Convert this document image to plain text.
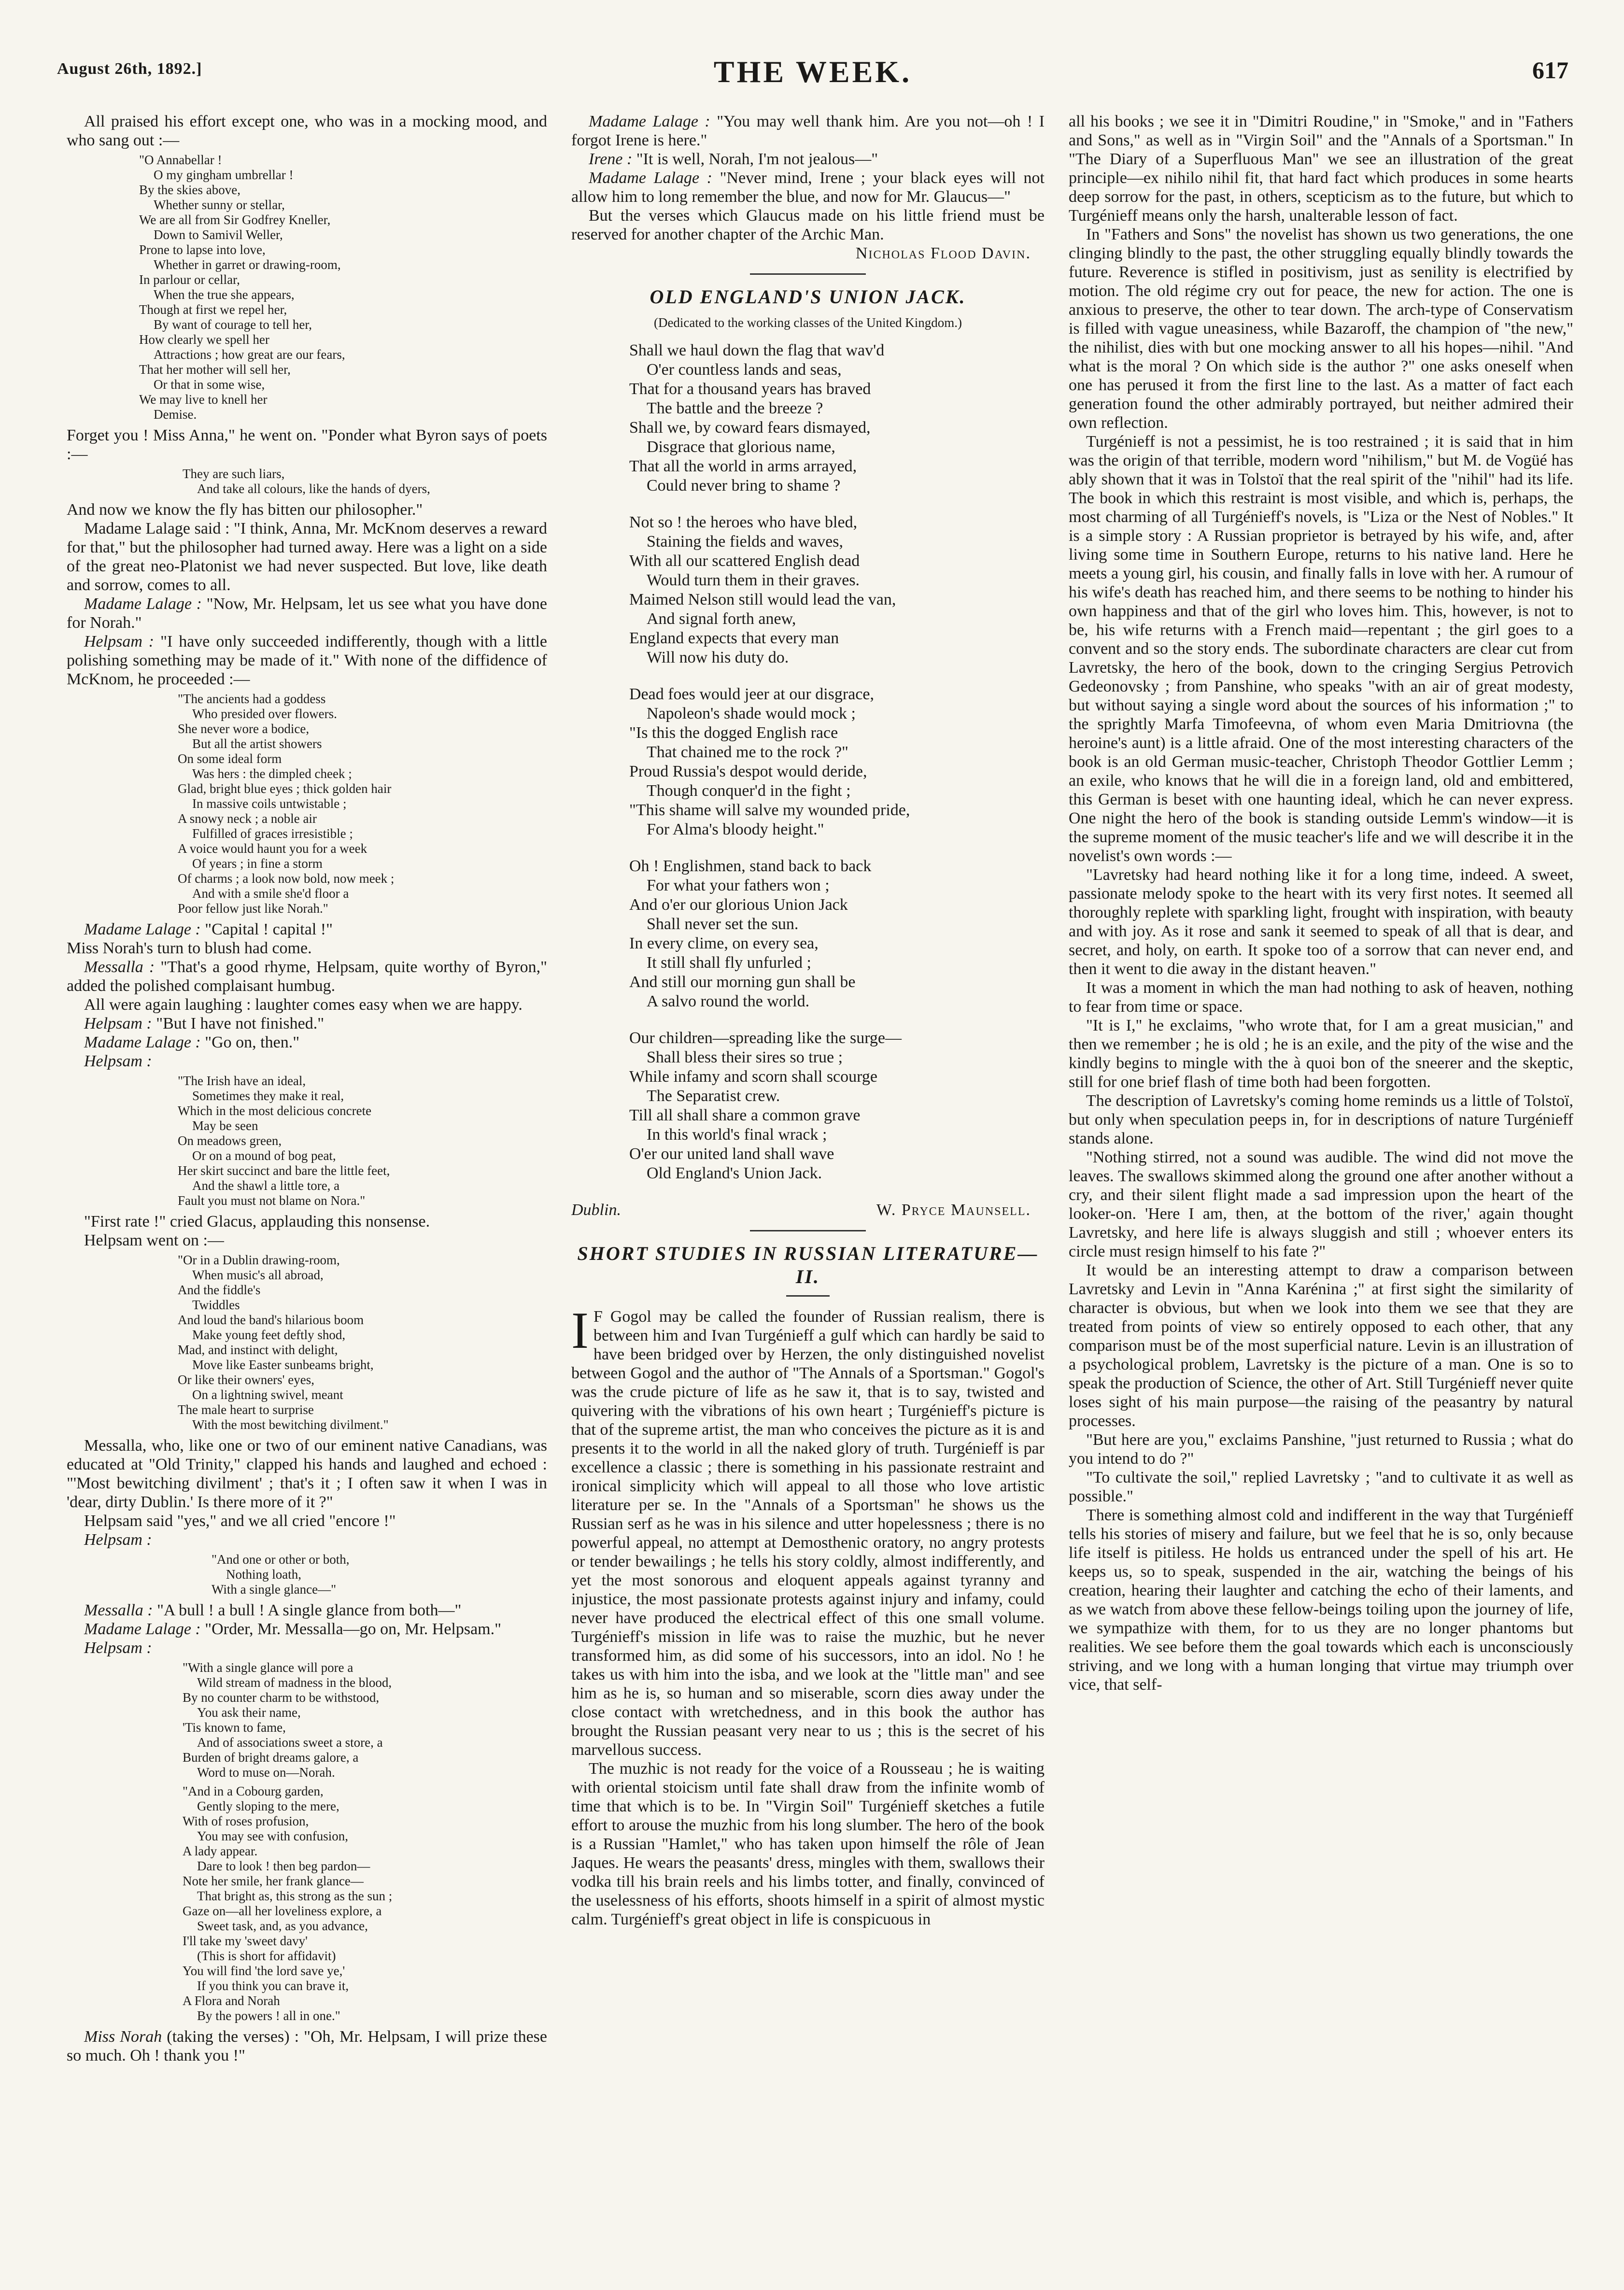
August 26th, 1892.]	THE WEEK.	617

All praised his effort except one, who was in a mocking mood, and who sang out :—

"O Annabellar !
O my gingham umbrellar !
By the skies above,
Whether sunny or stellar,
We are all from Sir Godfrey Kneller,
Down to Samivil Weller,
Prone to lapse into love,
Whether in garret or drawing-room,
In parlour or cellar,
When the true she appears,
Though at first we repel her,
By want of courage to tell her,
How clearly we spell her
Attractions ; how great are our fears,
That her mother will sell her,
Or that in some wise,
We may live to knell her
Demise.

Forget you ! Miss Anna," he went on. "Ponder what Byron says of poets :—

They are such liars,
And take all colours, like the hands of dyers,

And now we know the fly has bitten our philosopher."

Madame Lalage said : "I think, Anna, Mr. McKnom deserves a reward for that," but the philosopher had turned away. Here was a light on a side of the great neo-Platonist we had never suspected. But love, like death and sorrow, comes to all.

Madame Lalage : "Now, Mr. Helpsam, let us see what you have done for Norah."

Helpsam : "I have only succeeded indifferently, though with a little polishing something may be made of it." With none of the diffidence of McKnom, he proceeded :—

"The ancients had a goddess
Who presided over flowers.
She never wore a bodice,
But all the artist showers
On some ideal form
Was hers : the dimpled cheek ;
Glad, bright blue eyes ; thick golden hair
In massive coils untwistable ;
A snowy neck ; a noble air
Fulfilled of graces irresistible ;
A voice would haunt you for a week
Of years ; in fine a storm
Of charms ; a look now bold, now meek ;
And with a smile she'd floor a
Poor fellow just like Norah."

Madame Lalage : "Capital ! capital !"

Miss Norah's turn to blush had come.

Messalla : "That's a good rhyme, Helpsam, quite worthy of Byron," added the polished complaisant humbug.

All were again laughing : laughter comes easy when we are happy.

Helpsam : "But I have not finished."

Madame Lalage : "Go on, then."

Helpsam :

"The Irish have an ideal,
Sometimes they make it real,
Which in the most delicious concrete
May be seen
On meadows green,
Or on a mound of bog peat,
Her skirt succinct and bare the little feet,
And the shawl a little tore, a
Fault you must not blame on Nora."

"First rate !" cried Glacus, applauding this nonsense.

Helpsam went on :—

"Or in a Dublin drawing-room,
When music's all abroad,
And the fiddle's
Twiddles
And loud the band's hilarious boom
Make young feet deftly shod,
Mad, and instinct with delight,
Move like Easter sunbeams bright,
Or like their owners' eyes,
On a lightning swivel, meant
The male heart to surprise
With the most bewitching divilment."

Messalla, who, like one or two of our eminent native Canadians, was educated at "Old Trinity," clapped his hands and laughed and echoed : "'Most bewitching divilment' ; that's it ; I often saw it when I was in 'dear, dirty Dublin.' Is there more of it ?"

Helpsam said "yes," and we all cried "encore !"

Helpsam :

"And one or other or both,
Nothing loath,
With a single glance—"

Messalla : "A bull ! a bull ! A single glance from both—"

Madame Lalage : "Order, Mr. Messalla—go on, Mr. Helpsam."

Helpsam :

"With a single glance will pore a
Wild stream of madness in the blood,
By no counter charm to be withstood,
You ask their name,
'Tis known to fame,
And of associations sweet a store, a
Burden of bright dreams galore, a
Word to muse on—Norah.
"And in a Cobourg garden,
Gently sloping to the mere,
With of roses profusion,
You may see with confusion,
A lady appear.
Dare to look ! then beg pardon—
Note her smile, her frank glance—
That bright as, this strong as the sun ;
Gaze on—all her loveliness explore, a
Sweet task, and, as you advance,
I'll take my 'sweet davy'
(This is short for affidavit)
You will find 'the lord save ye,'
If you think you can brave it,
A Flora and Norah
By the powers ! all in one."

Miss Norah (taking the verses) : "Oh, Mr. Helpsam, I will prize these so much. Oh ! thank you !"

Madame Lalage : "You may well thank him. Are you not—oh ! I forgot Irene is here."

Irene : "It is well, Norah, I'm not jealous—"

Madame Lalage : "Never mind, Irene ; your black eyes will not allow him to long remember the blue, and now for Mr. Glaucus—"

But the verses which Glaucus made on his little friend must be reserved for another chapter of the Archic Man.

Nicholas Flood Davin.

OLD ENGLAND'S UNION JACK.
(Dedicated to the working classes of the United Kingdom.)
Shall we haul down the flag that wav'd
O'er countless lands and seas,
That for a thousand years has braved
The battle and the breeze ?
Shall we, by coward fears dismayed,
Disgrace that glorious name,
That all the world in arms arrayed,
Could never bring to shame ?
Not so ! the heroes who have bled,
Staining the fields and waves,
With all our scattered English dead
Would turn them in their graves.
Maimed Nelson still would lead the van,
And signal forth anew,
England expects that every man
Will now his duty do.
Dead foes would jeer at our disgrace,
Napoleon's shade would mock ;
"Is this the dogged English race
That chained me to the rock ?"
Proud Russia's despot would deride,
Though conquer'd in the fight ;
"This shame will salve my wounded pride,
For Alma's bloody height."
Oh ! Englishmen, stand back to back
For what your fathers won ;
And o'er our glorious Union Jack
Shall never set the sun.
In every clime, on every sea,
It still shall fly unfurled ;
And still our morning gun shall be
A salvo round the world.
Our children—spreading like the surge—
Shall bless their sires so true ;
While infamy and scorn shall scourge
The Separatist crew.
Till all shall share a common grave
In this world's final wrack ;
O'er our united land shall wave
Old England's Union Jack.
Dublin.	W. Pryce Maunsell.
SHORT STUDIES IN RUSSIAN LITERATURE—II.

I F Gogol may be called the founder of Russian realism, there is between him and Ivan Turgénieff a gulf which can hardly be said to have been bridged over by Herzen, the only distinguished novelist between Gogol and the author of "The Annals of a Sportsman." Gogol's was the crude picture of life as he saw it, that is to say, twisted and quivering with the vibrations of his own heart ; Turgénieff's picture is that of the supreme artist, the man who conceives the picture as it is and presents it to the world in all the naked glory of truth. Turgénieff is par excellence a classic ; there is something in his passionate restraint and ironical simplicity which will appeal to all those who love artistic literature per se. In the "Annals of a Sportsman" he shows us the Russian serf as he was in his silence and utter hopelessness ; there is no powerful appeal, no attempt at Demosthenic oratory, no angry protests or tender bewailings ; he tells his story coldly, almost indifferently, and yet the most sonorous and eloquent appeals against tyranny and injustice, the most passionate protests against injury and infamy, could never have produced the electrical effect of this one small volume. Turgénieff's mission in life was to raise the muzhic, but he never transformed him, as did some of his successors, into an idol. No ! he takes us with him into the isba, and we look at the "little man" and see him as he is, so human and so miserable, scorn dies away under the close contact with wretchedness, and in this book the author has brought the Russian peasant very near to us ; this is the secret of his marvellous success.

The muzhic is not ready for the voice of a Rousseau ; he is waiting with oriental stoicism until fate shall draw from the infinite womb of time that which is to be. In "Virgin Soil" Turgénieff sketches a futile effort to arouse the muzhic from his long slumber. The hero of the book is a Russian "Hamlet," who has taken upon himself the rôle of Jean Jaques. He wears the peasants' dress, mingles with them, swallows their vodka till his brain reels and his limbs totter, and finally, convinced of the uselessness of his efforts, shoots himself in a spirit of almost mystic calm. Turgénieff's great object in life is conspicuous in

all his books ; we see it in "Dimitri Roudine," in "Smoke," and in "Fathers and Sons," as well as in "Virgin Soil" and the "Annals of a Sportsman." In "The Diary of a Superfluous Man" we see an illustration of the great principle—ex nihilo nihil fit, that hard fact which produces in some hearts deep sorrow for the past, in others, scepticism as to the future, but which to Turgénieff means only the harsh, unalterable lesson of fact.

In "Fathers and Sons" the novelist has shown us two generations, the one clinging blindly to the past, the other struggling equally blindly towards the future. Reverence is stifled in positivism, just as senility is electrified by motion. The old régime cry out for peace, the new for action. The one is anxious to preserve, the other to tear down. The arch-type of Conservatism is filled with vague uneasiness, while Bazaroff, the champion of "the new," the nihilist, dies with but one mocking answer to all his hopes—nihil. "And what is the moral ? On which side is the author ?" one asks oneself when one has perused it from the first line to the last. As a matter of fact each generation found the other admirably portrayed, but neither admired their own reflection.

Turgénieff is not a pessimist, he is too restrained ; it is said that in him was the origin of that terrible, modern word "nihilism," but M. de Vogüé has ably shown that it was in Tolstoï that the real spirit of the "nihil" had its life. The book in which this restraint is most visible, and which is, perhaps, the most charming of all Turgénieff's novels, is "Liza or the Nest of Nobles." It is a simple story : A Russian proprietor is betrayed by his wife, and, after living some time in Southern Europe, returns to his native land. Here he meets a young girl, his cousin, and finally falls in love with her. A rumour of his wife's death has reached him, and there seems to be nothing to hinder his own happiness and that of the girl who loves him. This, however, is not to be, his wife returns with a French maid—repentant ; the girl goes to a convent and so the story ends. The subordinate characters are clear cut from Lavretsky, the hero of the book, down to the cringing Sergius Petrovich Gedeonovsky ; from Panshine, who speaks "with an air of great modesty, but without saying a single word about the sources of his information ;" to the sprightly Marfa Timofeevna, of whom even Maria Dmitriovna (the heroine's aunt) is a little afraid. One of the most interesting characters of the book is an old German music-teacher, Christoph Theodor Gottlier Lemm ; an exile, who knows that he will die in a foreign land, old and embittered, this German is beset with one haunting ideal, which he can never express. One night the hero of the book is standing outside Lemm's window—it is the supreme moment of the music teacher's life and we will describe it in the novelist's own words :—

"Lavretsky had heard nothing like it for a long time, indeed. A sweet, passionate melody spoke to the heart with its very first notes. It seemed all thoroughly replete with sparkling light, frought with inspiration, with beauty and with joy. As it rose and sank it seemed to speak of all that is dear, and secret, and holy, on earth. It spoke too of a sorrow that can never end, and then it went to die away in the distant heaven."

It was a moment in which the man had nothing to ask of heaven, nothing to fear from time or space.

"It is I," he exclaims, "who wrote that, for I am a great musician," and then we remember ; he is old ; he is an exile, and the pity of the wise and the kindly begins to mingle with the à quoi bon of the sneerer and the skeptic, still for one brief flash of time both had been forgotten.

The description of Lavretsky's coming home reminds us a little of Tolstoï, but only when speculation peeps in, for in descriptions of nature Turgénieff stands alone.

"Nothing stirred, not a sound was audible. The wind did not move the leaves. The swallows skimmed along the ground one after another without a cry, and their silent flight made a sad impression upon the heart of the looker-on. 'Here I am, then, at the bottom of the river,' again thought Lavretsky, and here life is always sluggish and still ; whoever enters its circle must resign himself to his fate ?"

It would be an interesting attempt to draw a comparison between Lavretsky and Levin in "Anna Karénina ;" at first sight the similarity of character is obvious, but when we look into them we see that they are treated from points of view so entirely opposed to each other, that any comparison must be of the most superficial nature. Levin is an illustration of a psychological problem, Lavretsky is the picture of a man. One is so to speak the production of Science, the other of Art. Still Turgénieff never quite loses sight of his main purpose—the raising of the peasantry by natural processes.

"But here are you," exclaims Panshine, "just returned to Russia ; what do you intend to do ?"

"To cultivate the soil," replied Lavretsky ; "and to cultivate it as well as possible."

There is something almost cold and indifferent in the way that Turgénieff tells his stories of misery and failure, but we feel that he is so, only because life itself is pitiless. He holds us entranced under the spell of his art. He keeps us, so to speak, suspended in the air, watching the beings of his creation, hearing their laughter and catching the echo of their laments, and as we watch from above these fellow-beings toiling upon the journey of life, we sympathize with them, for to us they are no longer phantoms but realities. We see before them the goal towards which each is unconsciously striving, and we long with a human longing that virtue may triumph over vice, that self-
